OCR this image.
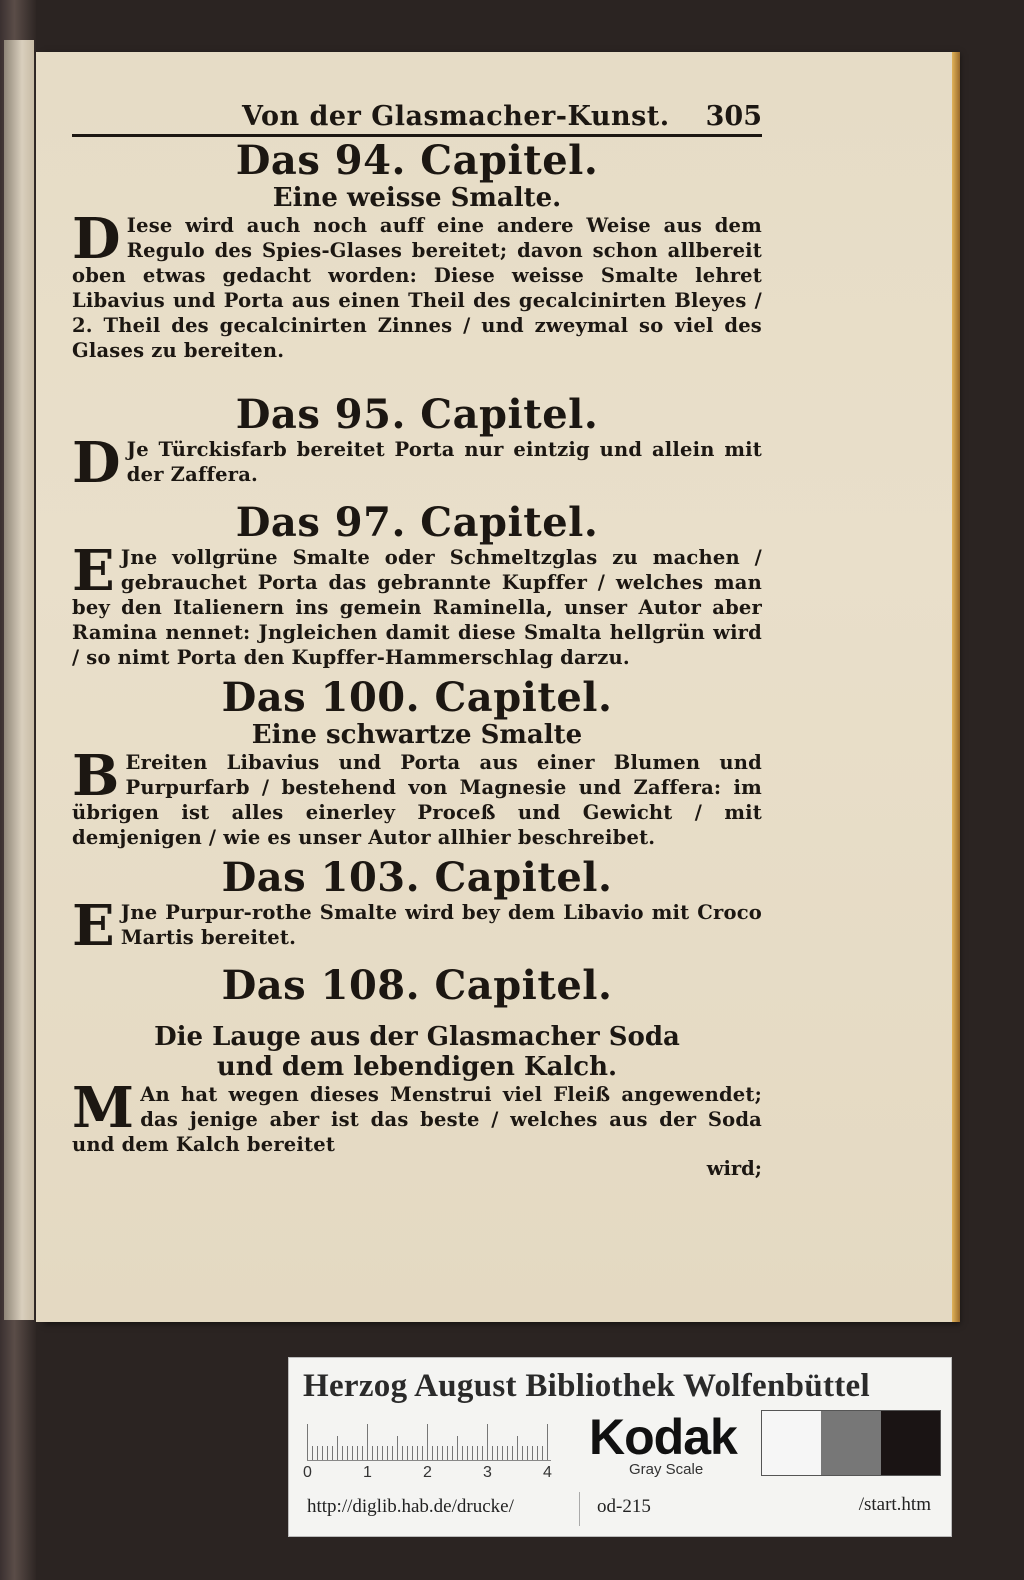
Von der Glasmacher-Kunst. 305
Das 94. Capitel.
Eine weisse Smalte.
D Iese wird auch noch auff eine andere Weise aus dem Regulo des Spies-Glases bereitet; davon schon allbereit oben etwas gedacht worden: Diese weisse Smalte lehret Libavius und Porta aus einen Theil des gecalcinirten Bleyes / 2. Theil des gecalcinirten Zinnes / und zweymal so viel des Glases zu bereiten.
Das 95. Capitel.
D Je Türckisfarb bereitet Porta nur eintzig und allein mit der Zaffera.
Das 97. Capitel.
E Jne vollgrüne Smalte oder Schmeltzglas zu machen / gebrauchet Porta das gebrannte Kupffer / welches man bey den Italienern ins gemein Raminella, unser Autor aber Ramina nennet: Jngleichen damit diese Smalta hellgrün wird / so nimt Porta den Kupffer-Hammerschlag darzu.
Das 100. Capitel.
Eine schwartze Smalte
B Ereiten Libavius und Porta aus einer Blumen und Purpurfarb / bestehend von Magnesie und Zaffera: im übrigen ist alles einerley Proceß und Gewicht / mit demjenigen / wie es unser Autor allhier beschreibet.
Das 103. Capitel.
E Jne Purpur-rothe Smalte wird bey dem Libavio mit Croco Martis bereitet.
Das 108. Capitel.
Die Lauge aus der Glasmacher Soda und dem lebendigen Kalch.
M An hat wegen dieses Menstrui viel Fleiß angewendet; das jenige aber ist das beste / welches aus der Soda und dem Kalch bereitet
wird;
Herzog August Bibliothek Wolfenbüttel
0	1	2	3	4
Kodak
Gray Scale
http://diglib.hab.de/drucke/	od-215	/start.htm
